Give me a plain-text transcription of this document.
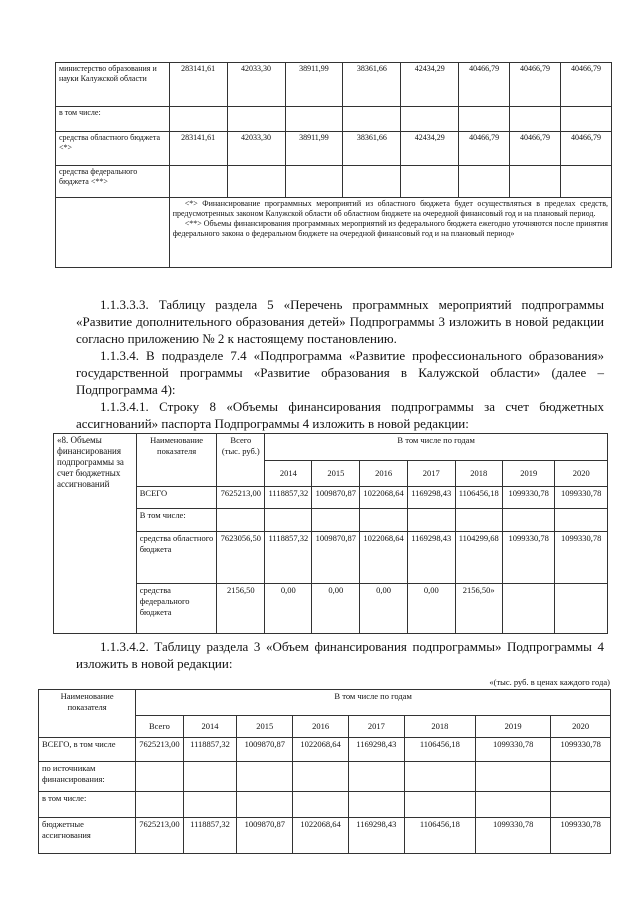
министерство образования и науки Калужской области	283141,61	42033,30	38911,99	38361,66	42434,29	40466,79	40466,79	40466,79
в том числе:								
средства областного бюджета <*>	283141,61	42033,30	38911,99	38361,66	42434,29	40466,79	40466,79	40466,79
средства федерального бюджета <**>								

	<*> Финансирование программных мероприятий из областного бюджета будет осуществляться в пределах средств, предусмотренных законом Калужской области об областном бюджете на очередной финансовый год и на плановый период.
<**> Объемы финансирования программных мероприятий из федерального бюджета ежегодно уточняются после принятия федерального закона о федеральном бюджете на очередной финансовый год и на плановый период»							
1.1.3.3.3. Таблицу раздела 5 «Перечень программных мероприятий подпрограммы «Развитие дополнительного образования детей» Подпрограммы 3 изложить в новой редакции согласно приложению № 2 к настоящему постановлению.
1.1.3.4. В подразделе 7.4 «Подпрограмма «Развитие профессионального образования» государственной программы «Развитие образования в Калужской области» (далее – Подпрограмма 4):
1.1.3.4.1. Строку 8 «Объемы финансирования подпрограммы за счет бюджетных ассигнований» паспорта Подпрограммы 4 изложить в новой редакции:
«8. Объемы финансирования подпрограммы за счет бюджетных ассигнований	Наименование показателя	Всего (тыс. руб.)	В том числе по годам						
			2014	2015	2016	2017	2018	2019	2020
	ВСЕГО	7625213,00	1118857,32	1009870,87	1022068,64	1169298,43	1106456,18	1099330,78	1099330,78
	В том числе:								
	средства областного бюджета	7623056,50	1118857,32	1009870,87	1022068,64	1169298,43	1104299,68	1099330,78	1099330,78
	средства федерального бюджета	2156,50	0,00	0,00	0,00	0,00	2156,50»		
1.1.3.4.2. Таблицу раздела 3 «Объем финансирования подпрограммы» Подпрограммы 4 изложить в новой редакции:
«(тыс. руб. в ценах каждого года)
Наименование показателя	В том числе по годам							
	Всего	2014	2015	2016	2017	2018	2019	2020
ВСЕГО, в том числе	7625213,00	1118857,32	1009870,87	1022068,64	1169298,43	1106456,18	1099330,78	1099330,78
по источникам финансирования:								
в том числе:								
бюджетные ассигнования	7625213,00	1118857,32	1009870,87	1022068,64	1169298,43	1106456,18	1099330,78	1099330,78
